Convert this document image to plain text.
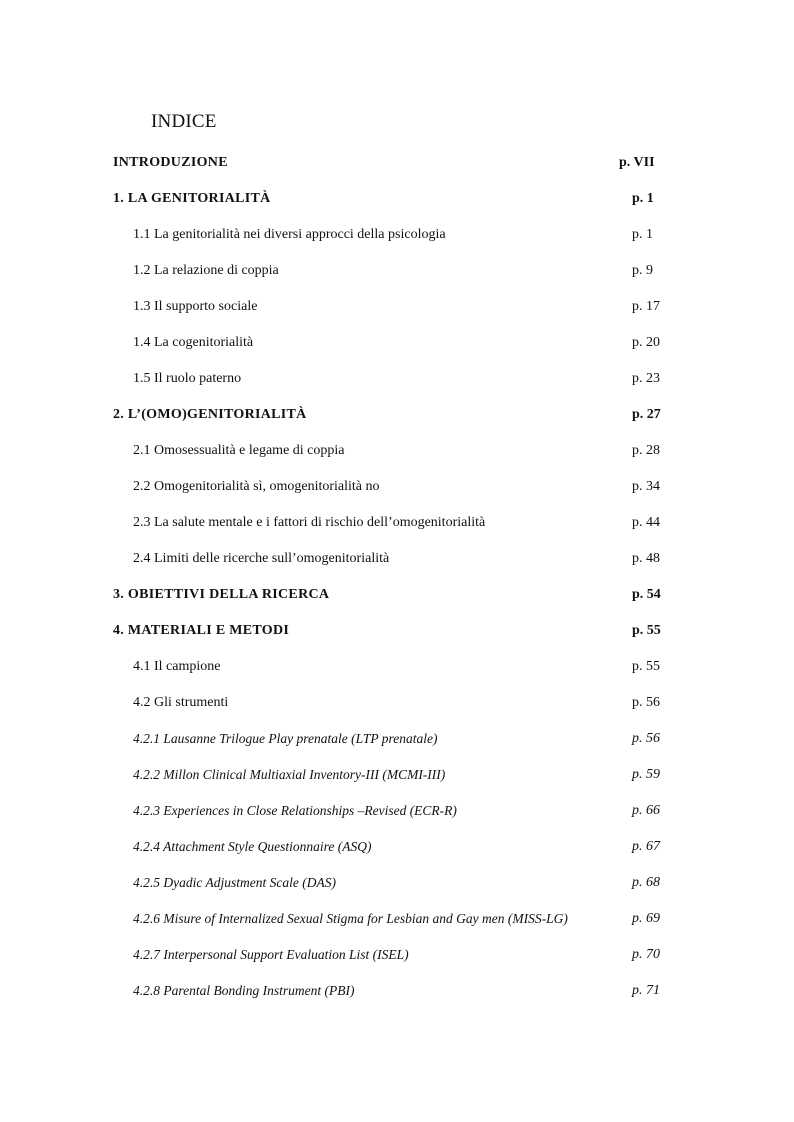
INDICE
INTRODUZIONE	p. VII
1. LA GENITORIALITÀ	p. 1
1.1 La genitorialità nei diversi approcci della psicologia	p. 1
1.2 La relazione di coppia	p. 9
1.3 Il supporto sociale	p. 17
1.4 La cogenitorialità	p. 20
1.5 Il ruolo paterno	p. 23
2. L’(OMO)GENITORIALITÀ	p. 27
2.1 Omosessualità e legame di coppia	p. 28
2.2 Omogenitorialità sì, omogenitorialità no	p. 34
2.3 La salute mentale e i fattori di rischio dell’omogenitorialità	p. 44
2.4 Limiti delle ricerche sull’omogenitorialità	p. 48
3. OBIETTIVI DELLA RICERCA	p. 54
4. MATERIALI E METODI	p. 55
4.1 Il campione	p. 55
4.2 Gli strumenti	p. 56
4.2.1 Lausanne Trilogue Play prenatale (LTP prenatale)	p. 56
4.2.2 Millon Clinical Multiaxial Inventory-III (MCMI-III)	p. 59
4.2.3 Experiences in Close Relationships –Revised (ECR-R)	p. 66
4.2.4 Attachment Style Questionnaire (ASQ)	p. 67
4.2.5 Dyadic Adjustment Scale (DAS)	p. 68
4.2.6 Misure of Internalized Sexual Stigma for Lesbian and Gay men (MISS-LG)	p. 69
4.2.7 Interpersonal Support Evaluation List (ISEL)	p. 70
4.2.8 Parental Bonding Instrument (PBI)	p. 71
